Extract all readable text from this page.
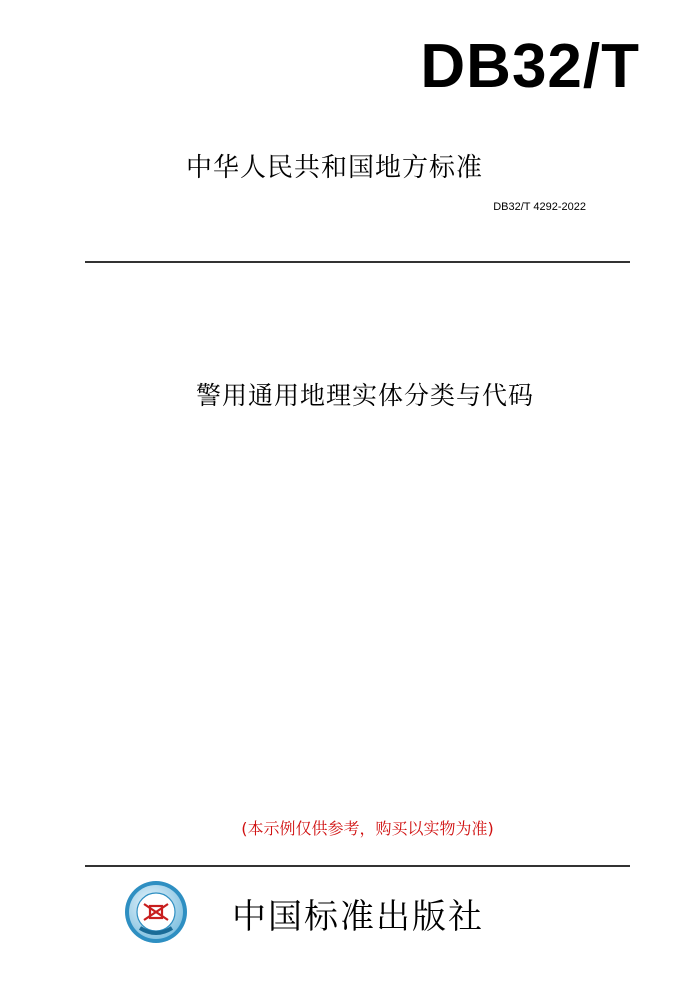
DB32/T
中华人民共和国地方标准
DB32/T 4292-2022
警用通用地理实体分类与代码
(本示例仅供参考，购买以实物为准)
中国标准出版社
